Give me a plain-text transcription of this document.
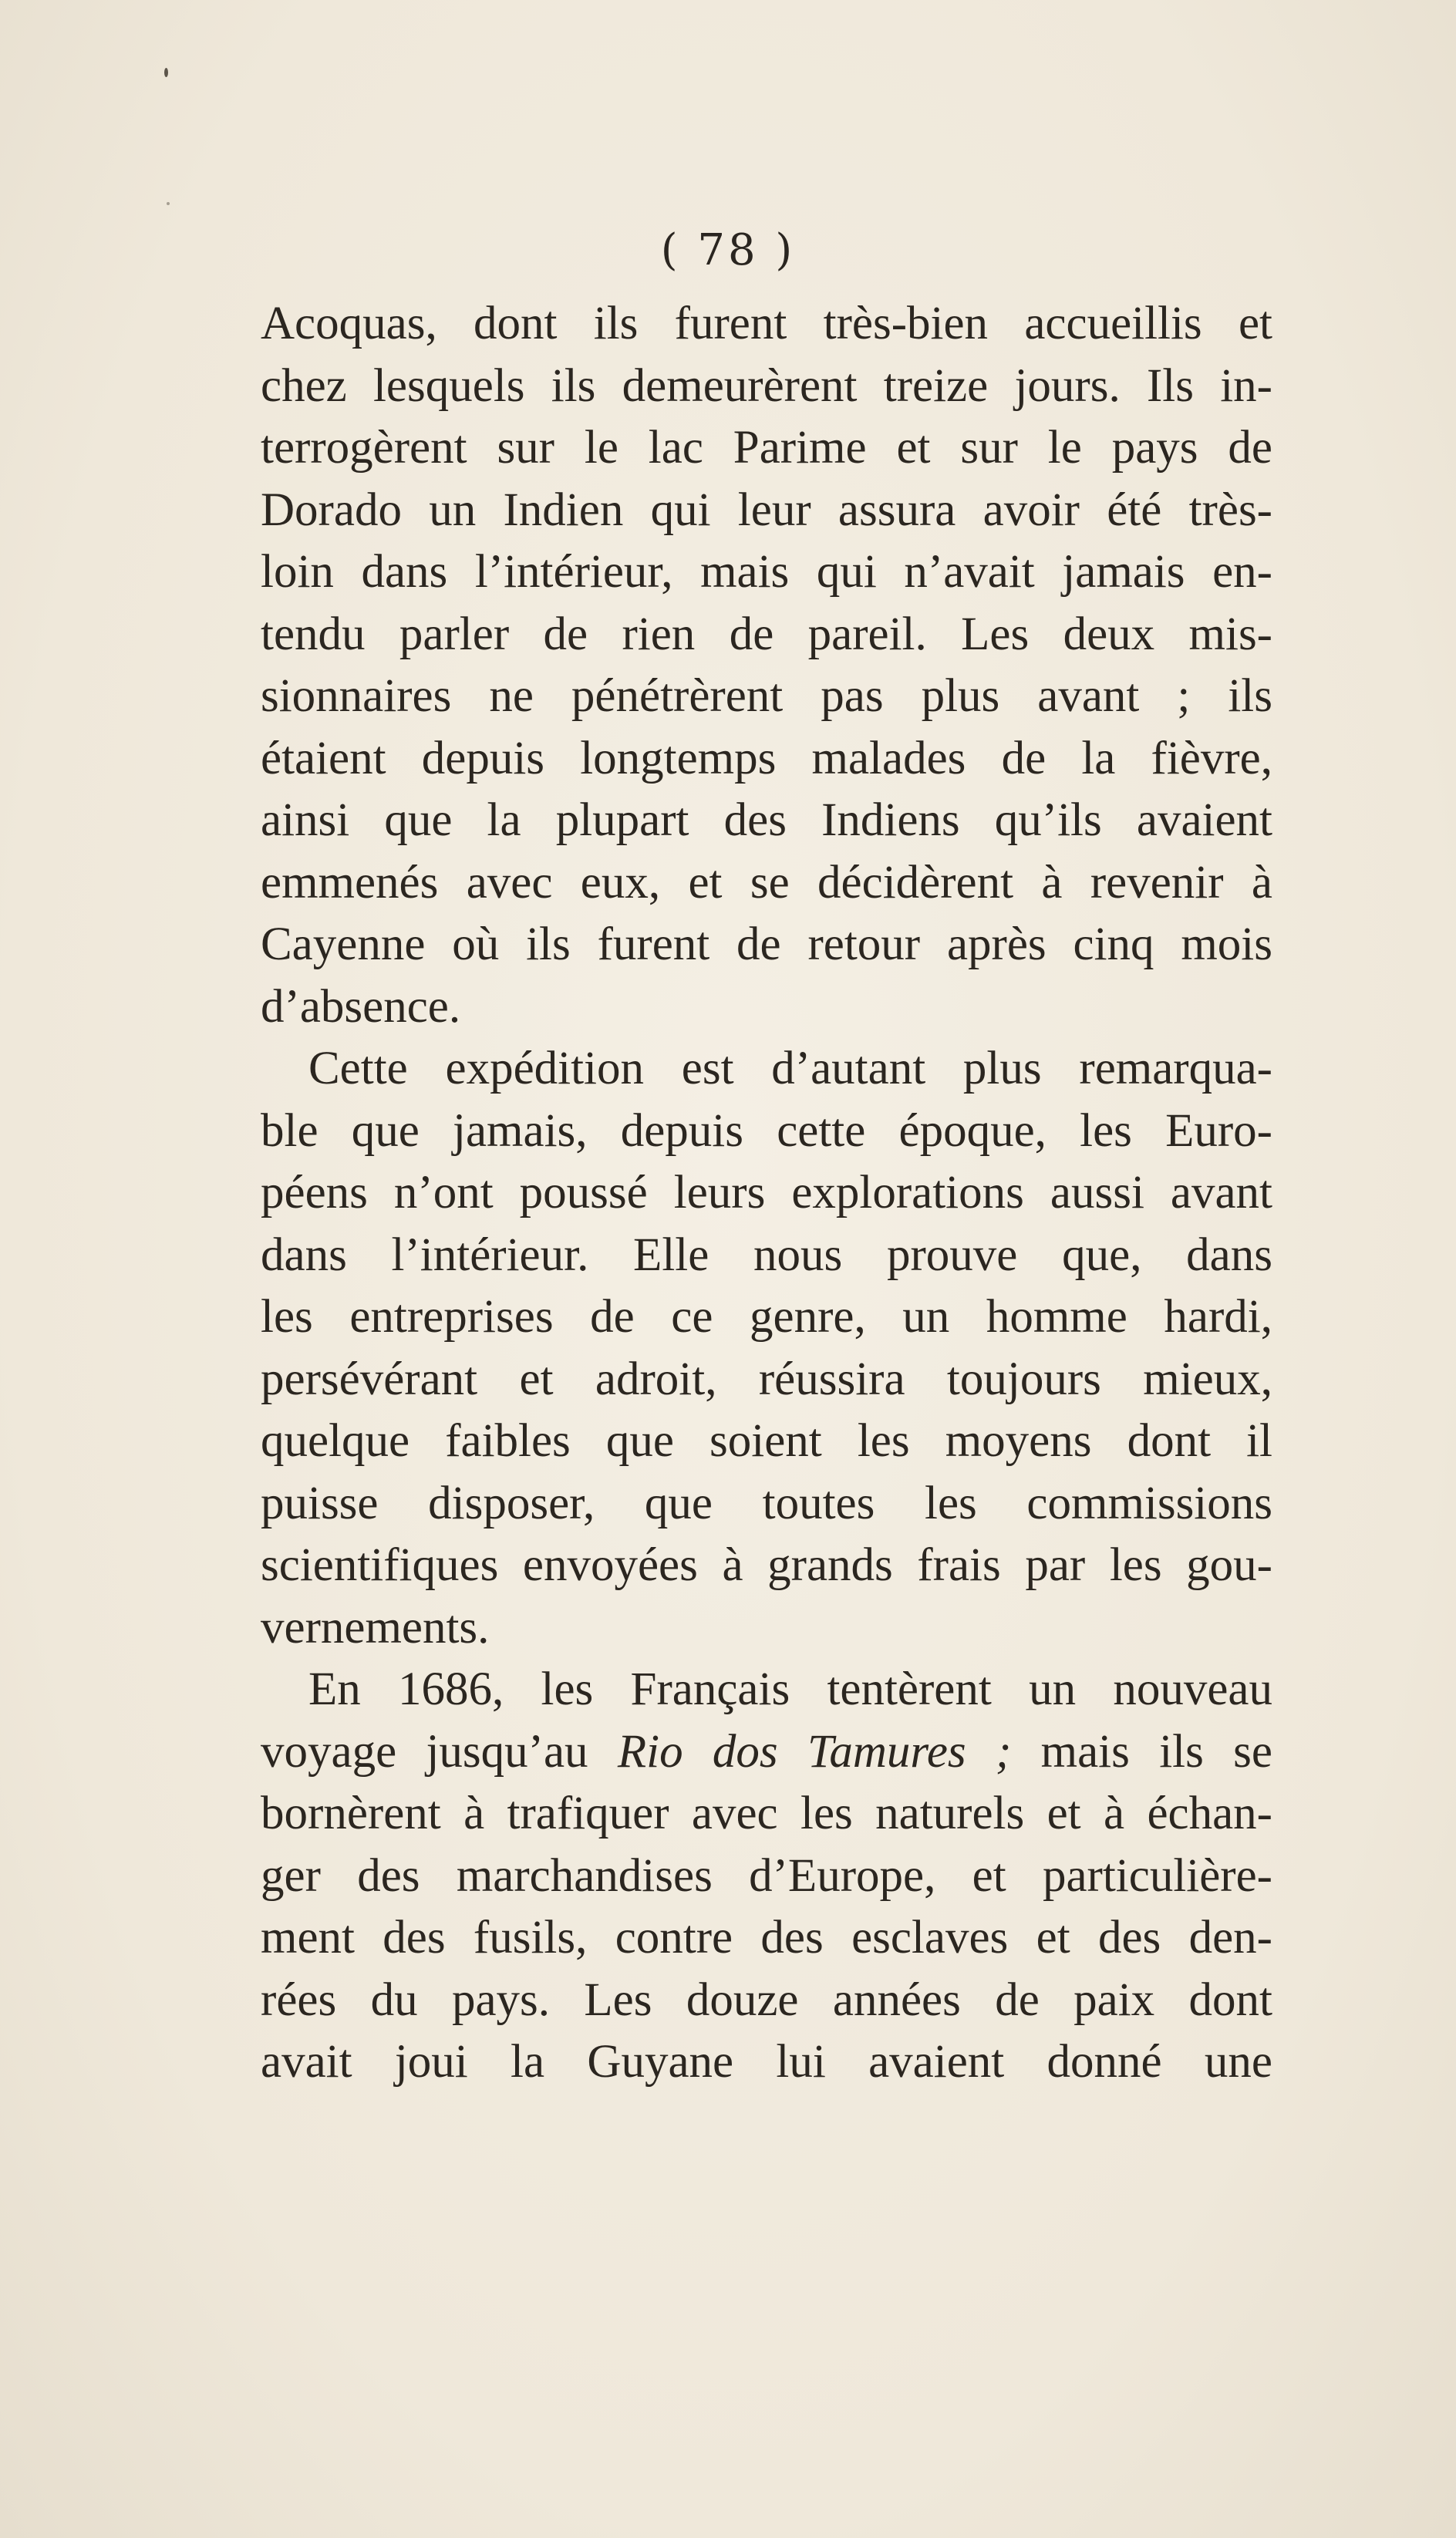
( 78 )
Acoquas, dont ils furent très-bien accueillis et
chez lesquels ils demeurèrent treize jours. Ils in-
terrogèrent sur le lac Parime et sur le pays de
Dorado un Indien qui leur assura avoir été très-
loin dans l’intérieur, mais qui n’avait jamais en-
tendu parler de rien de pareil. Les deux mis-
sionnaires ne pénétrèrent pas plus avant ; ils
étaient depuis longtemps malades de la fièvre,
ainsi que la plupart des Indiens qu’ils avaient
emmenés avec eux, et se décidèrent à revenir à
Cayenne où ils furent de retour après cinq mois
d’absence.
Cette expédition est d’autant plus remarqua-
ble que jamais, depuis cette époque, les Euro-
péens n’ont poussé leurs explorations aussi avant
dans l’intérieur. Elle nous prouve que, dans
les entreprises de ce genre, un homme hardi,
persévérant et adroit, réussira toujours mieux,
quelque faibles que soient les moyens dont il
puisse disposer, que toutes les commissions
scientifiques envoyées à grands frais par les gou-
vernements.
En 1686, les Français tentèrent un nouveau
voyage jusqu’au Rio dos Tamures ; mais ils se
bornèrent à trafiquer avec les naturels et à échan-
ger des marchandises d’Europe, et particulière-
ment des fusils, contre des esclaves et des den-
rées du pays. Les douze années de paix dont
avait joui la Guyane lui avaient donné une
